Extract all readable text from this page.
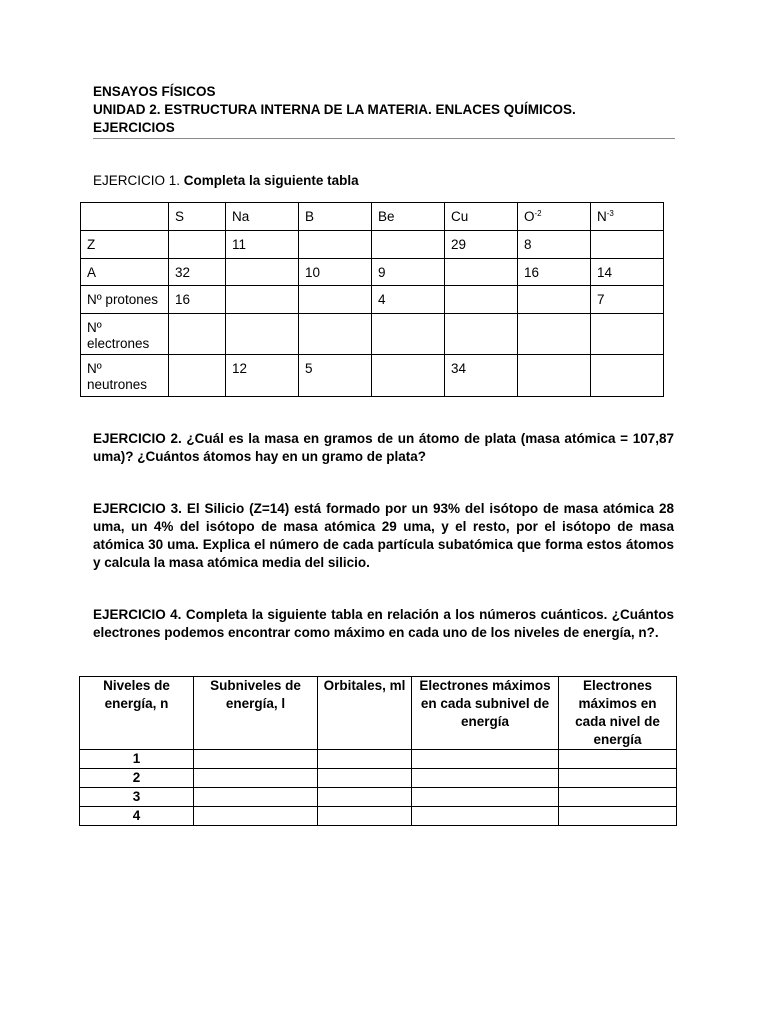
ENSAYOS FÍSICOS
UNIDAD 2. ESTRUCTURA INTERNA DE LA MATERIA. ENLACES QUÍMICOS.
EJERCICIOS
EJERCICIO 1. Completa la siguiente tabla
	S	Na	B	Be	Cu	$O^{-2}$	$N^{-3}$
Z		11			29	8	
A	32		10	9		16	14
Nº protones	16			4			7

Nº
electrones							

Nº
neutrones		12	5		34		
EJERCICIO 2. ¿Cuál es la masa en gramos de un átomo de plata (masa atómica = 107,87 uma)? ¿Cuántos átomos hay en un gramo de plata?
EJERCICIO 3. El Silicio (Z=14) está formado por un 93% del isótopo de masa atómica 28 uma, un 4% del isótopo de masa atómica 29 uma, y el resto, por el isótopo de masa atómica 30 uma. Explica el número de cada partícula subatómica que forma estos átomos y calcula la masa atómica media del silicio.
EJERCICIO 4. Completa la siguiente tabla en relación a los números cuánticos. ¿Cuántos electrones podemos encontrar como máximo en cada uno de los niveles de energía, n?.
Niveles de energía, n	Subniveles de energía, l	Orbitales, ml	Electrones máximos en cada subnivel de energía	Electrones máximos en cada nivel de energía
1				
2				
3				
4				
